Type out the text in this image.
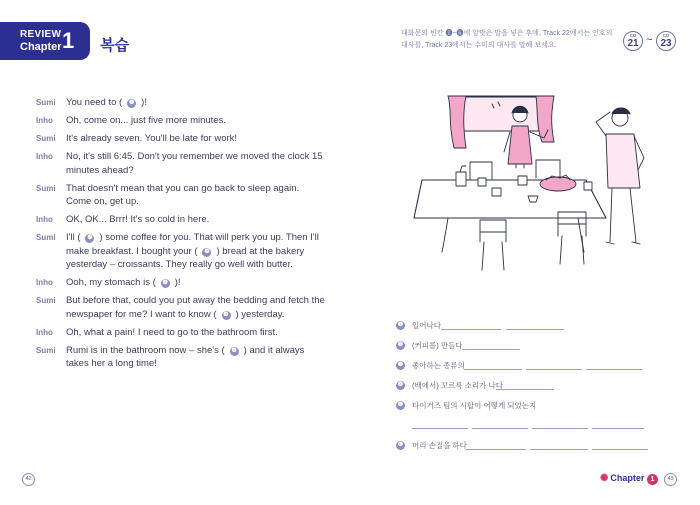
REVIEW
Chapter 1 복습
대화문의 빈칸 ❶~❻에 알맞은 말을 넣은 후에, Track 22에서는 인호의
대사를, Track 23에서는 수미의 대사를 말해 보세요.
CD
21 ~	CD
23
Sumi	You need to ( ❶ )!
Inho	Oh, come on... just five more minutes.
Sumi	It's already seven. You'll be late for work!
Inho	No, it's still 6:45. Don't you remember we moved the clock 15 minutes ahead?
Sumi	That doesn't mean that you can go back to sleep again. Come on, get up.
Inho	OK, OK... Brrr! It's so cold in here.
Sumi	I'll ( ❷ ) some coffee for you. That will perk you up. Then I'll make breakfast. I bought your ( ❸ ) bread at the bakery yesterday – croissants. They really go well with butter.
Inho	Ooh, my stomach is ( ❹ )!
Sumi	But before that, could you put away the bedding and fetch the newspaper for me? I want to know ( ❺ ) yesterday.
Inho	Oh, what a pain! I need to go to the bathroom first.
Sumi	Rumi is in the bathroom now – she's ( ❻ ) and it always takes her a long time!
❶ 일어나다
❷ (커피를) 만들다
❸ 좋아하는 종류의
❹ (배에서) 꼬르륵 소리가 나다
❺ 타이거즈 팀의 시합이 어떻게 되었는지
❻ 머리 손질을 하다
42	✺ Chapter 1	43
